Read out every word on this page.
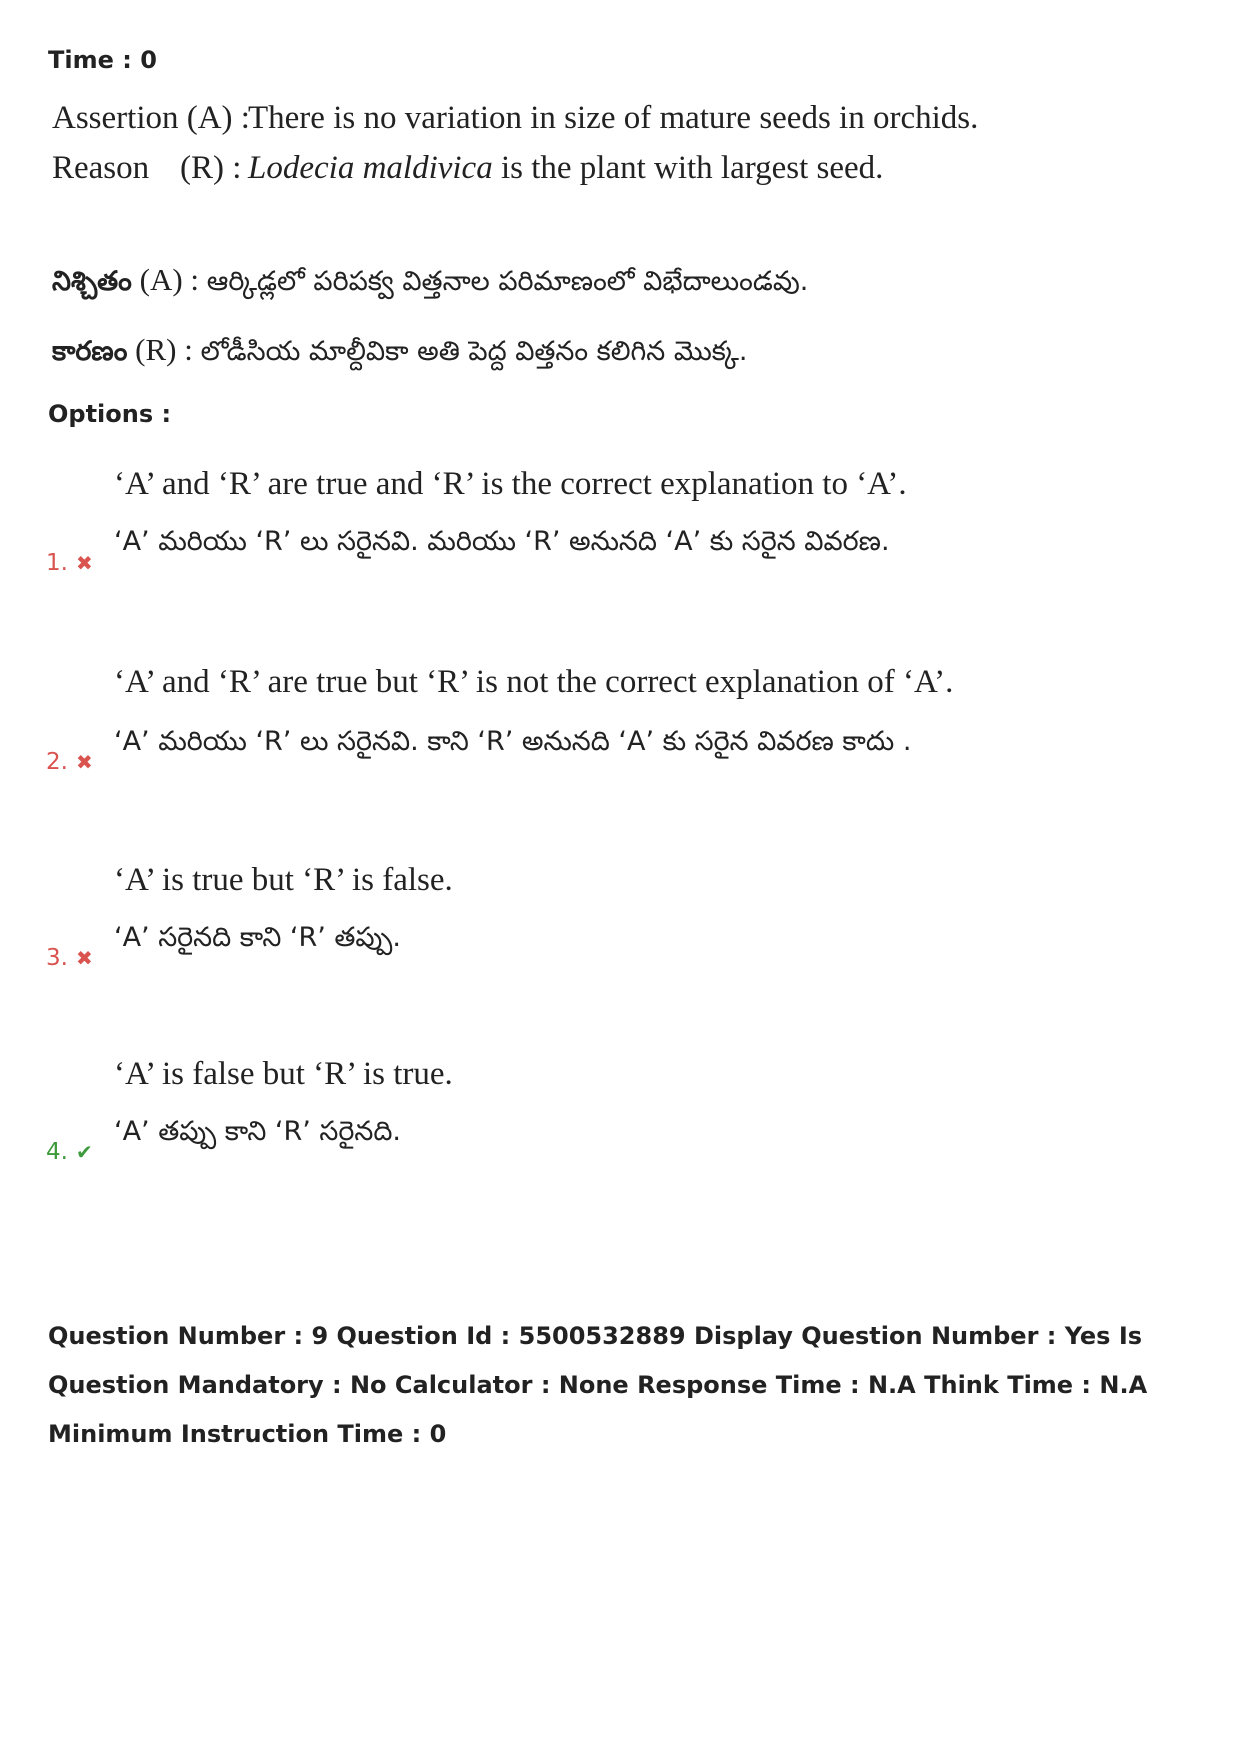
Time : 0
Assertion (A) :There is no variation in size of mature seeds in orchids.
Reason (R) : Lodecia maldivica is the plant with largest seed.
నిశ్చితం (A) : ఆర్కిడ్లలో పరిపక్వ విత్తనాల పరిమాణంలో విభేదాలుండవు.
కారణం (R) : లోడీసియ మాల్దీవికా అతి పెద్ద విత్తనం కలిగిన మొక్క.
Options :
‘A’ and ‘R’ are true and ‘R’ is the correct explanation to ‘A’.
‘A’ మరియు ‘R’ లు సరైనవి. మరియు ‘R’ అనునది ‘A’ కు సరైన వివరణ.
1. ✖
‘A’ and ‘R’ are true but ‘R’ is not the correct explanation of ‘A’.
‘A’ మరియు ‘R’ లు సరైనవి. కాని ‘R’ అనునది ‘A’ కు సరైన వివరణ కాదు .
2. ✖
‘A’ is true but ‘R’ is false.
‘A’ సరైనది కాని ‘R’ తప్పు.
3. ✖
‘A’ is false but ‘R’ is true.
‘A’ తప్పు కాని ‘R’ సరైనది.
4. ✔
Question Number : 9 Question Id : 5500532889 Display Question Number : Yes Is Question Mandatory : No Calculator : None Response Time : N.A Think Time : N.A Minimum Instruction Time : 0
